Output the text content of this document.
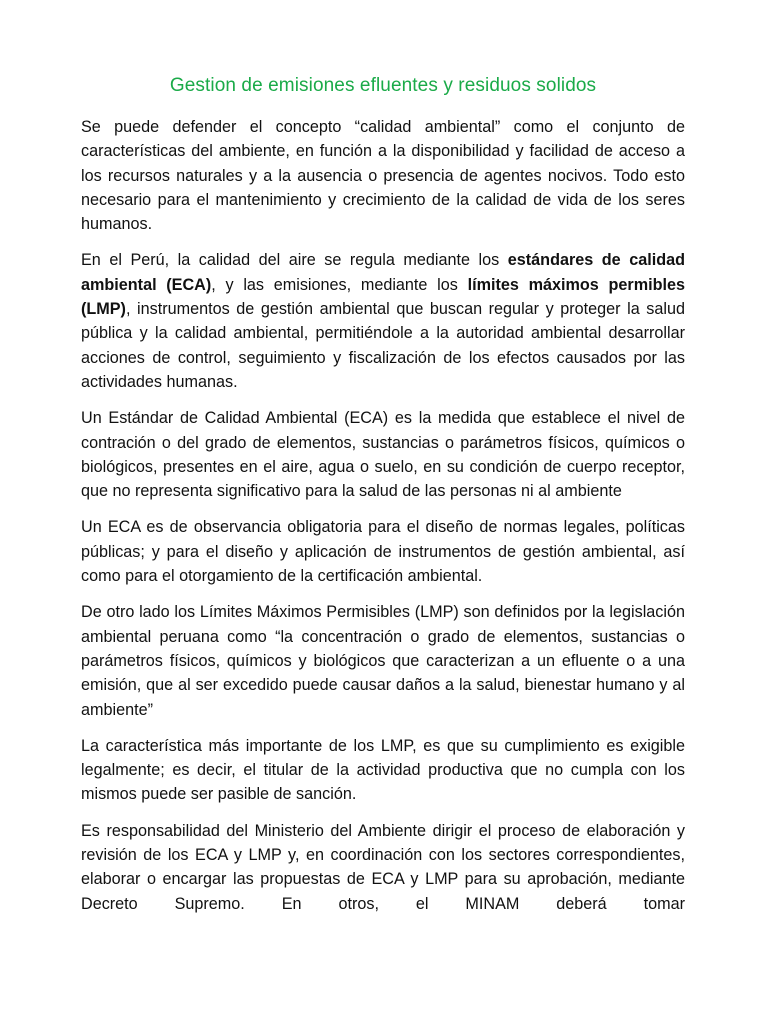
Gestion de emisiones efluentes y residuos solidos

Se puede defender el concepto “calidad ambiental” como el conjunto de características del ambiente, en función a la disponibilidad y facilidad de acceso a los recursos naturales y a la ausencia o presencia de agentes nocivos. Todo esto necesario para el mantenimiento y crecimiento de la calidad de vida de los seres humanos.

En el Perú, la calidad del aire se regula mediante los estándares de calidad ambiental (ECA), y las emisiones, mediante los límites máximos permibles (LMP), instrumentos de gestión ambiental que buscan regular y proteger la salud pública y la calidad ambiental, permitiéndole a la autoridad ambiental desarrollar acciones de control, seguimiento y fiscalización de los efectos causados por las actividades humanas.

Un Estándar de Calidad Ambiental (ECA) es la medida que establece el nivel de contración o del grado de elementos, sustancias o parámetros físicos, químicos o biológicos, presentes en el aire, agua o suelo, en su condición de cuerpo receptor, que no representa significativo para la salud de las personas ni al ambiente

Un ECA es de observancia obligatoria para el diseño de normas legales, políticas públicas; y para el diseño y aplicación de instrumentos de gestión ambiental, así como para el otorgamiento de la certificación ambiental.

De otro lado los Límites Máximos Permisibles (LMP) son definidos por la legislación ambiental peruana como “la concentración o grado de elementos, sustancias o parámetros físicos, químicos y biológicos que caracterizan a un efluente o a una emisión, que al ser excedido puede causar daños a la salud, bienestar humano y al ambiente”

La característica más importante de los LMP, es que su cumplimiento es exigible legalmente; es decir, el titular de la actividad productiva que no cumpla con los mismos puede ser pasible de sanción.

Es responsabilidad del Ministerio del Ambiente dirigir el proceso de elaboración y revisión de los ECA y LMP y, en coordinación con los sectores correspondientes, elaborar o encargar las propuestas de ECA y LMP para su aprobación, mediante Decreto Supremo. En otros, el MINAM deberá tomar
